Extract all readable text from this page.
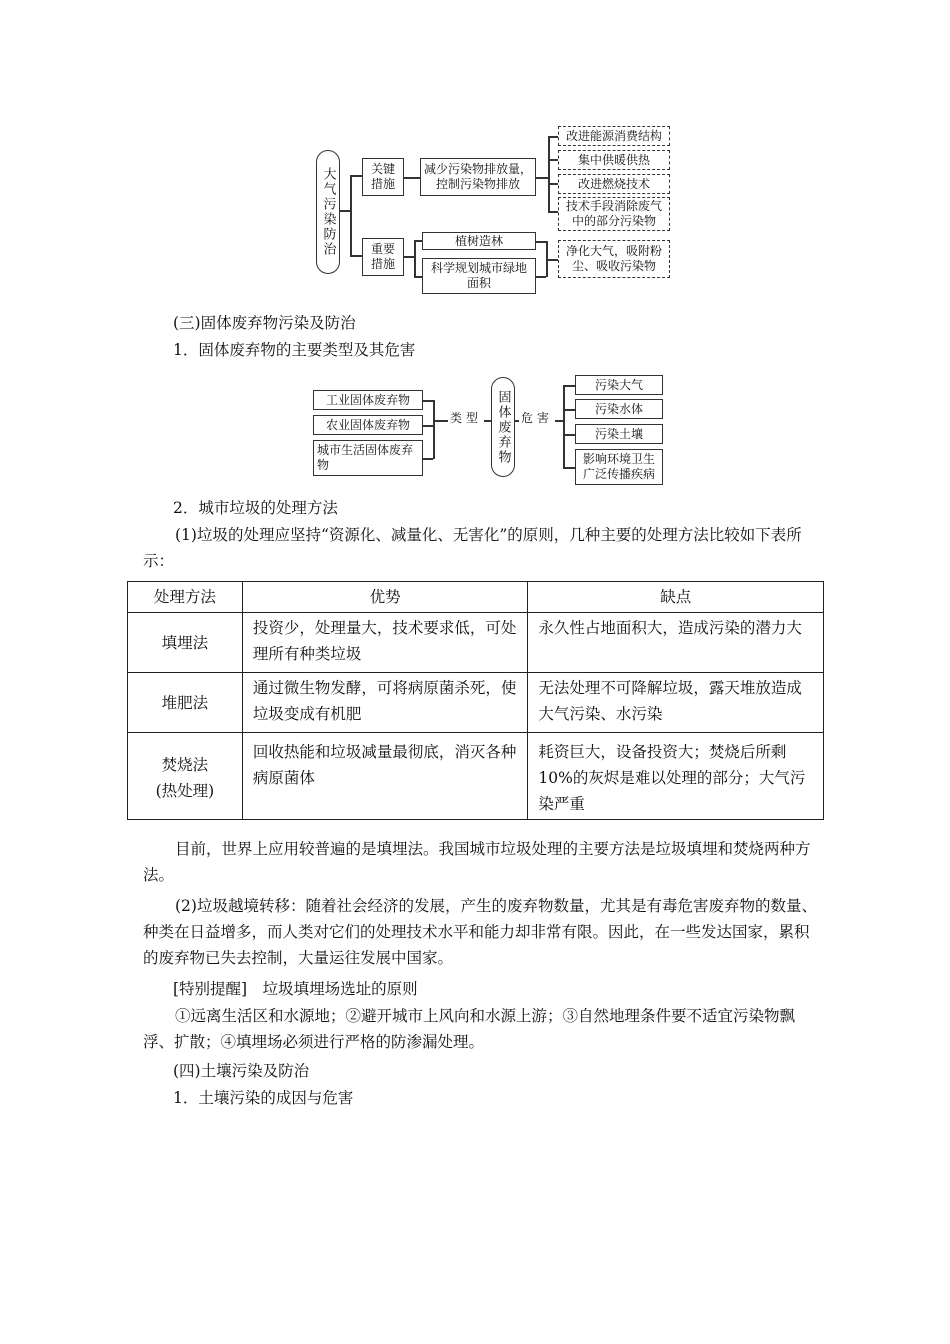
大气污染防治	关键措施
减少污染物排放量，控制污染物排放
改进能源消费结构
集中供暖供热
改进燃烧技术
技术手段消除废气中的部分污染物
重要措施
植树造林
科学规划城市绿地面积
净化大气，吸附粉尘、吸收污染物
(三)固体废弃物污染及防治
1．固体废弃物的主要类型及其危害
工业固体废弃物
农业固体废弃物
城市生活固体废弃物
类型	固体废弃物 危害
污染大气
污染水体
污染土壤
影响环境卫生广泛传播疾病
2．城市垃圾的处理方法
(1)垃圾的处理应坚持“资源化、减量化、无害化”的原则，几种主要的处理方法比较如下表所示：
处理方法	优势	缺点
填埋法	投资少，处理量大，技术要求低，可处理所有种类垃圾	永久性占地面积大，造成污染的潜力大
堆肥法	通过微生物发酵，可将病原菌杀死，使垃圾变成有机肥	无法处理不可降解垃圾，露天堆放造成大气污染、水污染

焚烧法
(热处理)	回收热能和垃圾减量最彻底，消灭各种病原菌体	耗资巨大，设备投资大；焚烧后所剩10%的灰烬是难以处理的部分；大气污染严重
目前，世界上应用较普遍的是填埋法。我国城市垃圾处理的主要方法是垃圾填埋和焚烧两种方法。
(2)垃圾越境转移：随着社会经济的发展，产生的废弃物数量，尤其是有毒危害废弃物的数量、种类在日益增多，而人类对它们的处理技术水平和能力却非常有限。因此，在一些发达国家，累积的废弃物已失去控制，大量运往发展中国家。
[特别提醒]　垃圾填埋场选址的原则
①远离生活区和水源地；②避开城市上风向和水源上游；③自然地理条件要不适宜污染物飘浮、扩散；④填埋场必须进行严格的防渗漏处理。
(四)土壤污染及防治
1．土壤污染的成因与危害
